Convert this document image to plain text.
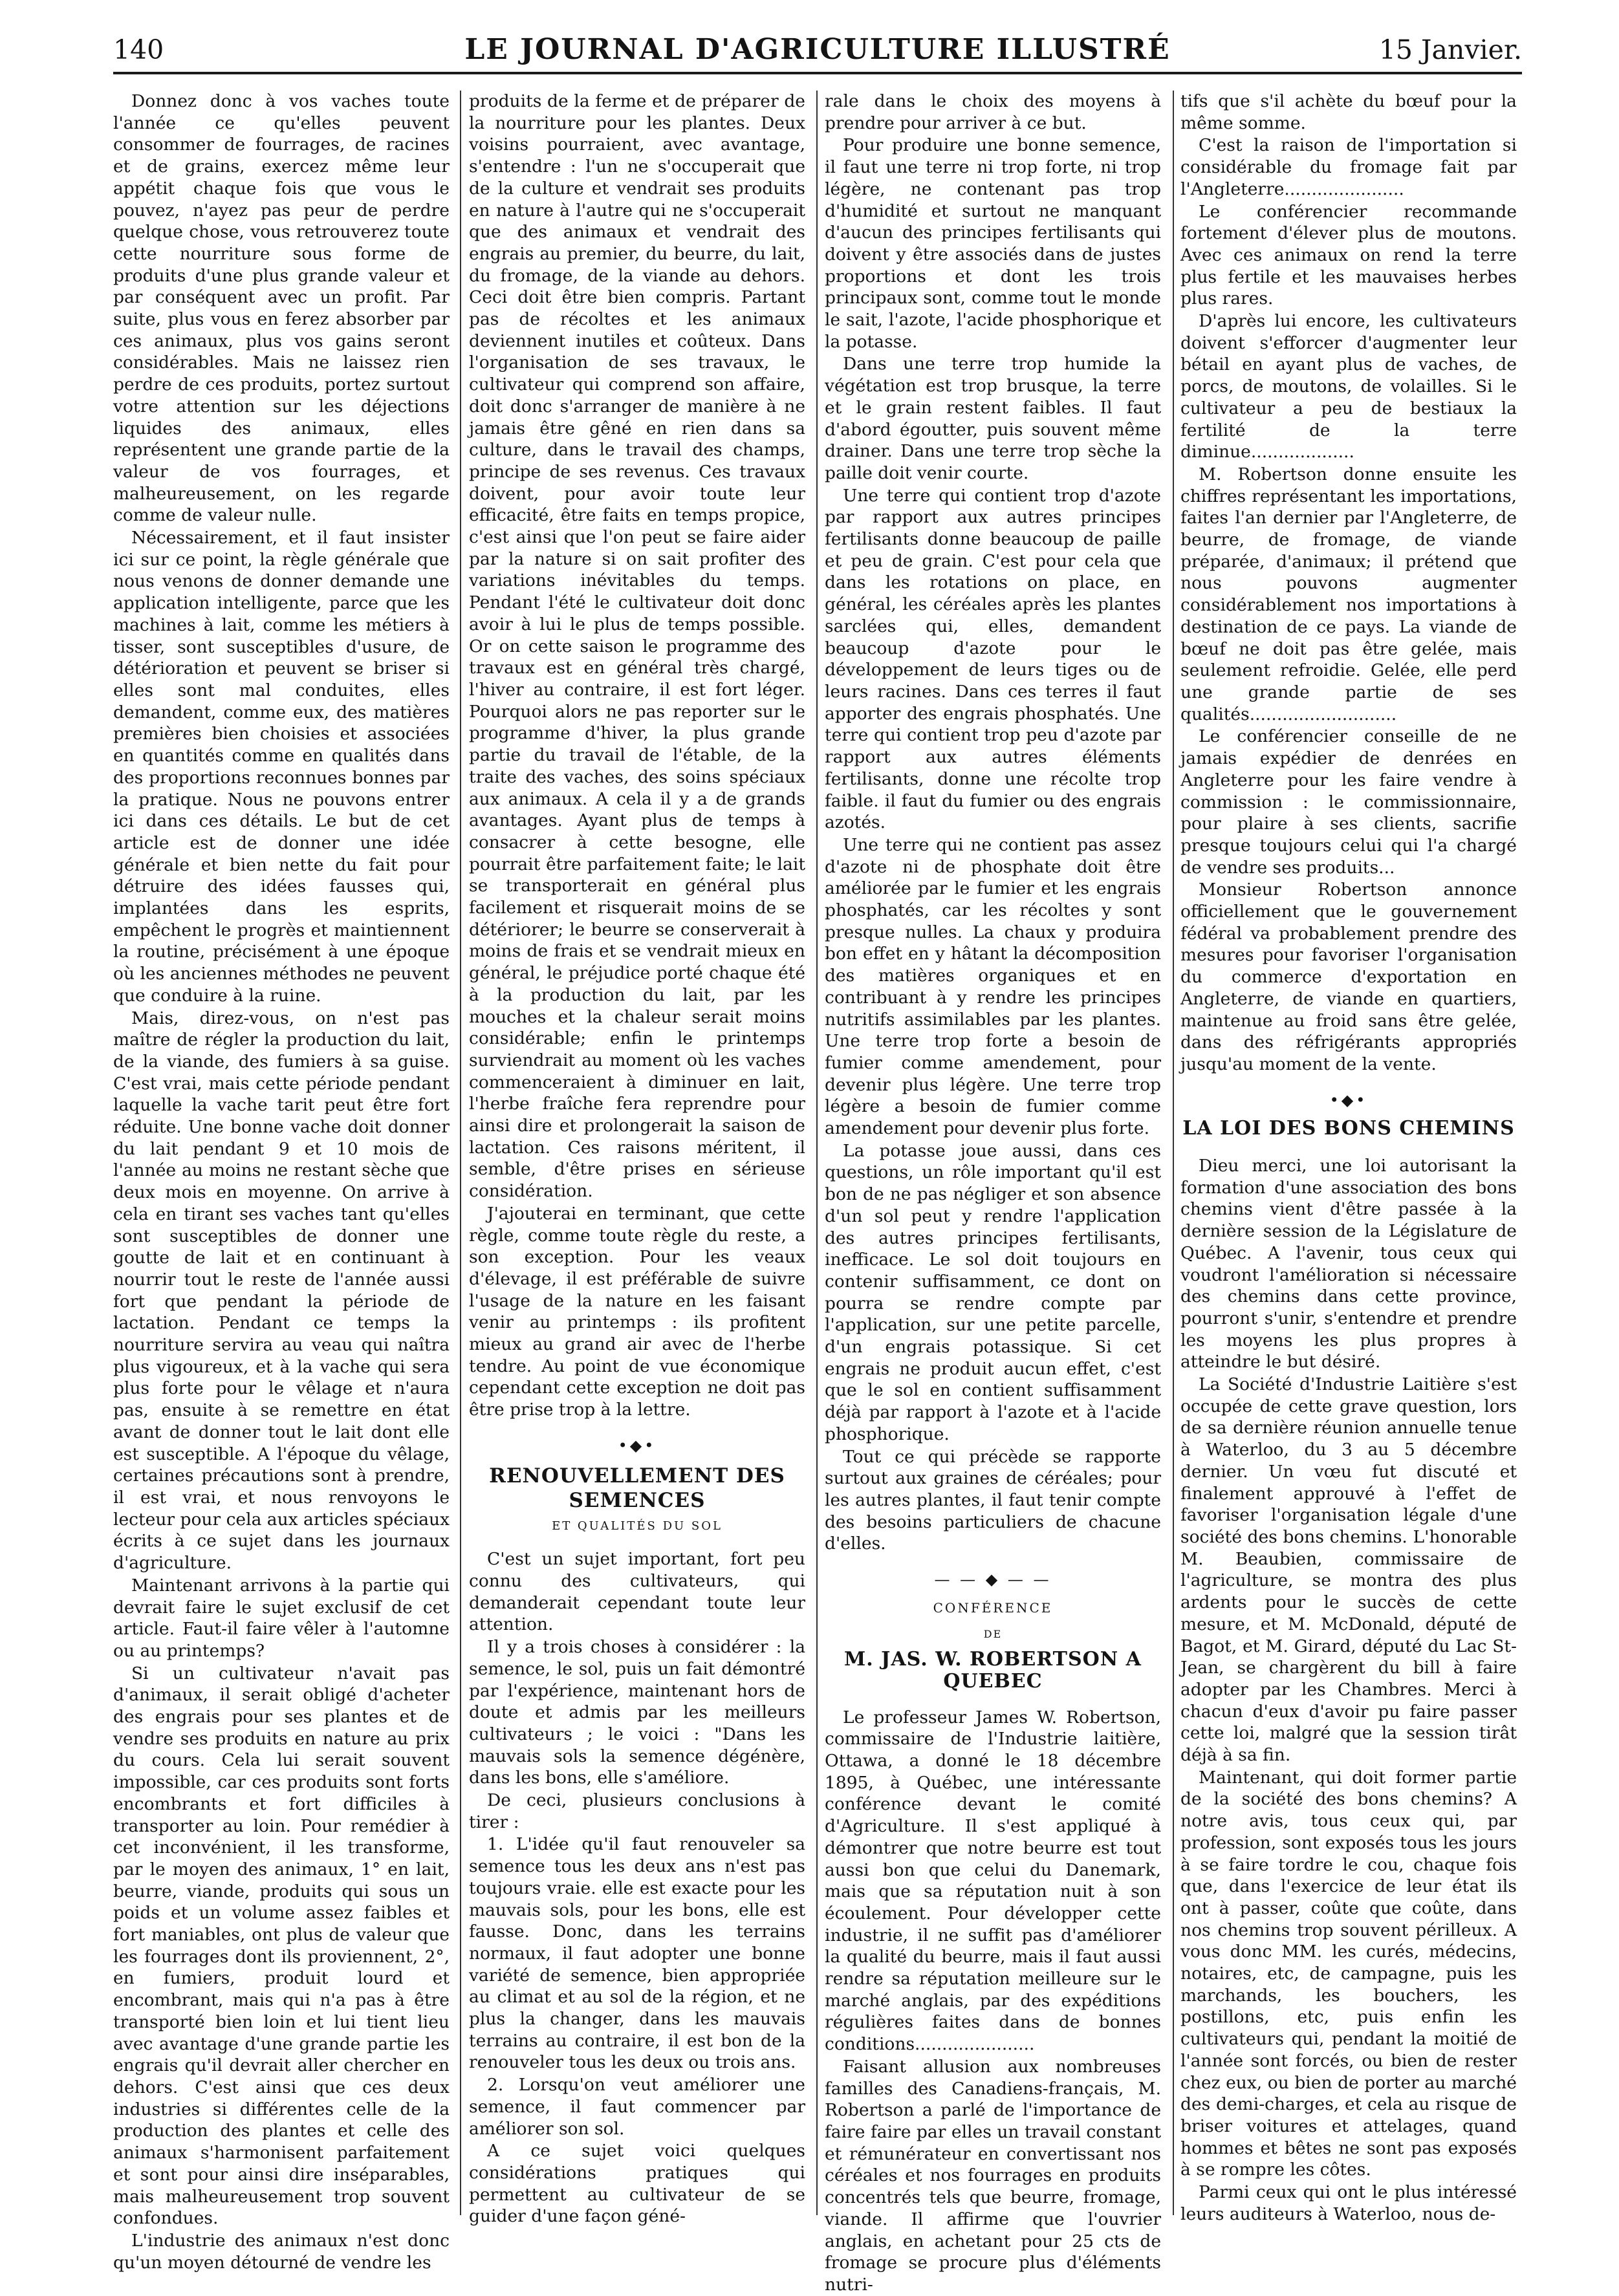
140	LE JOURNAL D'AGRICULTURE ILLUSTRÉ	15 Janvier.

Donnez donc à vos vaches toute l'année ce qu'elles peuvent consommer de fourrages, de racines et de grains, exercez même leur appétit chaque fois que vous le pouvez, n'ayez pas peur de perdre quelque chose, vous retrouverez toute cette nourriture sous forme de produits d'une plus grande valeur et par conséquent avec un profit. Par suite, plus vous en ferez absorber par ces animaux, plus vos gains seront considérables. Mais ne laissez rien perdre de ces produits, portez surtout votre attention sur les déjections liquides des animaux, elles représentent une grande partie de la valeur de vos fourrages, et malheureusement, on les regarde comme de valeur nulle.

Nécessairement, et il faut insister ici sur ce point, la règle générale que nous venons de donner demande une application intelligente, parce que les machines à lait, comme les métiers à tisser, sont susceptibles d'usure, de détérioration et peuvent se briser si elles sont mal conduites, elles demandent, comme eux, des matières premières bien choisies et associées en quantités comme en qualités dans des proportions reconnues bonnes par la pratique. Nous ne pouvons entrer ici dans ces détails. Le but de cet article est de donner une idée générale et bien nette du fait pour détruire des idées fausses qui, implantées dans les esprits, empêchent le progrès et maintiennent la routine, précisément à une époque où les anciennes méthodes ne peuvent que conduire à la ruine.

Mais, direz-vous, on n'est pas maître de régler la production du lait, de la viande, des fumiers à sa guise. C'est vrai, mais cette période pendant laquelle la vache tarit peut être fort réduite. Une bonne vache doit donner du lait pendant 9 et 10 mois de l'année au moins ne restant sèche que deux mois en moyenne. On arrive à cela en tirant ses vaches tant qu'elles sont susceptibles de donner une goutte de lait et en continuant à nourrir tout le reste de l'année aussi fort que pendant la période de lactation. Pendant ce temps la nourriture servira au veau qui naîtra plus vigoureux, et à la vache qui sera plus forte pour le vêlage et n'aura pas, ensuite à se remettre en état avant de donner tout le lait dont elle est susceptible. A l'époque du vêlage, certaines précautions sont à prendre, il est vrai, et nous renvoyons le lecteur pour cela aux articles spéciaux écrits à ce sujet dans les journaux d'agriculture.

Maintenant arrivons à la partie qui devrait faire le sujet exclusif de cet article. Faut-il faire vêler à l'automne ou au printemps?

Si un cultivateur n'avait pas d'animaux, il serait obligé d'acheter des engrais pour ses plantes et de vendre ses produits en nature au prix du cours. Cela lui serait souvent impossible, car ces produits sont forts encombrants et fort difficiles à transporter au loin. Pour remédier à cet inconvénient, il les transforme, par le moyen des animaux, 1° en lait, beurre, viande, produits qui sous un poids et un volume assez faibles et fort maniables, ont plus de valeur que les fourrages dont ils proviennent, 2°, en fumiers, produit lourd et encombrant, mais qui n'a pas à être transporté bien loin et lui tient lieu avec avantage d'une grande partie les engrais qu'il devrait aller chercher en dehors. C'est ainsi que ces deux industries si différentes celle de la production des plantes et celle des animaux s'harmonisent parfaitement et sont pour ainsi dire inséparables, mais malheureusement trop souvent confondues.

L'industrie des animaux n'est donc qu'un moyen détourné de vendre les

produits de la ferme et de préparer de la nourriture pour les plantes. Deux voisins pourraient, avec avantage, s'entendre : l'un ne s'occuperait que de la culture et vendrait ses produits en nature à l'autre qui ne s'occuperait que des animaux et vendrait des engrais au premier, du beurre, du lait, du fromage, de la viande au dehors. Ceci doit être bien compris. Partant pas de récoltes et les animaux deviennent inutiles et coûteux. Dans l'organisation de ses travaux, le cultivateur qui comprend son affaire, doit donc s'arranger de manière à ne jamais être gêné en rien dans sa culture, dans le travail des champs, principe de ses revenus. Ces travaux doivent, pour avoir toute leur efficacité, être faits en temps propice, c'est ainsi que l'on peut se faire aider par la nature si on sait profiter des variations inévitables du temps. Pendant l'été le cultivateur doit donc avoir à lui le plus de temps possible. Or on cette saison le programme des travaux est en général très chargé, l'hiver au contraire, il est fort léger. Pourquoi alors ne pas reporter sur le programme d'hiver, la plus grande partie du travail de l'étable, de la traite des vaches, des soins spéciaux aux animaux. A cela il y a de grands avantages. Ayant plus de temps à consacrer à cette besogne, elle pourrait être parfaitement faite; le lait se transporterait en général plus facilement et risquerait moins de se détériorer; le beurre se conserverait à moins de frais et se vendrait mieux en général, le préjudice porté chaque été à la production du lait, par les mouches et la chaleur serait moins considérable; enfin le printemps surviendrait au moment où les vaches commenceraient à diminuer en lait, l'herbe fraîche fera reprendre pour ainsi dire et prolongerait la saison de lactation. Ces raisons méritent, il semble, d'être prises en sérieuse considération.

J'ajouterai en terminant, que cette règle, comme toute règle du reste, a son exception. Pour les veaux d'élevage, il est préférable de suivre l'usage de la nature en les faisant venir au printemps : ils profitent mieux au grand air avec de l'herbe tendre. Au point de vue économique cependant cette exception ne doit pas être prise trop à la lettre.

•◆•
RENOUVELLEMENT DES SEMENCES
ET QUALITÉS DU SOL

C'est un sujet important, fort peu connu des cultivateurs, qui demanderait cependant toute leur attention.

Il y a trois choses à considérer : la semence, le sol, puis un fait démontré par l'expérience, maintenant hors de doute et admis par les meilleurs cultivateurs ; le voici : "Dans les mauvais sols la semence dégénère, dans les bons, elle s'améliore.

De ceci, plusieurs conclusions à tirer :

1. L'idée qu'il faut renouveler sa semence tous les deux ans n'est pas toujours vraie. elle est exacte pour les mauvais sols, pour les bons, elle est fausse. Donc, dans les terrains normaux, il faut adopter une bonne variété de semence, bien appropriée au climat et au sol de la région, et ne plus la changer, dans les mauvais terrains au contraire, il est bon de la renouveler tous les deux ou trois ans.

2. Lorsqu'on veut améliorer une semence, il faut commencer par améliorer son sol.

A ce sujet voici quelques considérations pratiques qui permettent au cultivateur de se guider d'une façon géné-

rale dans le choix des moyens à prendre pour arriver à ce but.

Pour produire une bonne semence, il faut une terre ni trop forte, ni trop légère, ne contenant pas trop d'humidité et surtout ne manquant d'aucun des principes fertilisants qui doivent y être associés dans de justes proportions et dont les trois principaux sont, comme tout le monde le sait, l'azote, l'acide phosphorique et la potasse.

Dans une terre trop humide la végétation est trop brusque, la terre et le grain restent faibles. Il faut d'abord égoutter, puis souvent même drainer. Dans une terre trop sèche la paille doit venir courte.

Une terre qui contient trop d'azote par rapport aux autres principes fertilisants donne beaucoup de paille et peu de grain. C'est pour cela que dans les rotations on place, en général, les céréales après les plantes sarclées qui, elles, demandent beaucoup d'azote pour le développement de leurs tiges ou de leurs racines. Dans ces terres il faut apporter des engrais phosphatés. Une terre qui contient trop peu d'azote par rapport aux autres éléments fertilisants, donne une récolte trop faible. il faut du fumier ou des engrais azotés.

Une terre qui ne contient pas assez d'azote ni de phosphate doit être améliorée par le fumier et les engrais phosphatés, car les récoltes y sont presque nulles. La chaux y produira bon effet en y hâtant la décomposition des matières organiques et en contribuant à y rendre les principes nutritifs assimilables par les plantes. Une terre trop forte a besoin de fumier comme amendement, pour devenir plus légère. Une terre trop légère a besoin de fumier comme amendement pour devenir plus forte.

La potasse joue aussi, dans ces questions, un rôle important qu'il est bon de ne pas négliger et son absence d'un sol peut y rendre l'application des autres principes fertilisants, inefficace. Le sol doit toujours en contenir suffisamment, ce dont on pourra se rendre compte par l'application, sur une petite parcelle, d'un engrais potassique. Si cet engrais ne produit aucun effet, c'est que le sol en contient suffisamment déjà par rapport à l'azote et à l'acide phosphorique.

Tout ce qui précède se rapporte surtout aux graines de céréales; pour les autres plantes, il faut tenir compte des besoins particuliers de chacune d'elles.

— — ◆ — —
CONFÉRENCE
DE
M. JAS. W. ROBERTSON A QUEBEC

Le professeur James W. Robertson, commissaire de l'Industrie laitière, Ottawa, a donné le 18 décembre 1895, à Québec, une intéressante conférence devant le comité d'Agriculture. Il s'est appliqué à démontrer que notre beurre est tout aussi bon que celui du Danemark, mais que sa réputation nuit à son écoulement. Pour développer cette industrie, il ne suffit pas d'améliorer la qualité du beurre, mais il faut aussi rendre sa réputation meilleure sur le marché anglais, par des expéditions régulières faites dans de bonnes conditions......................

Faisant allusion aux nombreuses familles des Canadiens-français, M. Robertson a parlé de l'importance de faire faire par elles un travail constant et rémunérateur en convertissant nos céréales et nos fourrages en produits concentrés tels que beurre, fromage, viande. Il affirme que l'ouvrier anglais, en achetant pour 25 cts de fromage se procure plus d'éléments nutri-

tifs que s'il achète du bœuf pour la même somme.

C'est la raison de l'importation si considérable du fromage fait par l'Angleterre......................

Le conférencier recommande fortement d'élever plus de moutons. Avec ces animaux on rend la terre plus fertile et les mauvaises herbes plus rares.

D'après lui encore, les cultivateurs doivent s'efforcer d'augmenter leur bétail en ayant plus de vaches, de porcs, de moutons, de volailles. Si le cultivateur a peu de bestiaux la fertilité de la terre diminue...................

M. Robertson donne ensuite les chiffres représentant les importations, faites l'an dernier par l'Angleterre, de beurre, de fromage, de viande préparée, d'animaux; il prétend que nous pouvons augmenter considérablement nos importations à destination de ce pays. La viande de bœuf ne doit pas être gelée, mais seulement refroidie. Gelée, elle perd une grande partie de ses qualités...........................

Le conférencier conseille de ne jamais expédier de denrées en Angleterre pour les faire vendre à commission : le commissionnaire, pour plaire à ses clients, sacrifie presque toujours celui qui l'a chargé de vendre ses produits...

Monsieur Robertson annonce officiellement que le gouvernement fédéral va probablement prendre des mesures pour favoriser l'organisation du commerce d'exportation en Angleterre, de viande en quartiers, maintenue au froid sans être gelée, dans des réfrigérants appropriés jusqu'au moment de la vente.

•◆•
LA LOI DES BONS CHEMINS

Dieu merci, une loi autorisant la formation d'une association des bons chemins vient d'être passée à la dernière session de la Législature de Québec. A l'avenir, tous ceux qui voudront l'amélioration si nécessaire des chemins dans cette province, pourront s'unir, s'entendre et prendre les moyens les plus propres à atteindre le but désiré.

La Société d'Industrie Laitière s'est occupée de cette grave question, lors de sa dernière réunion annuelle tenue à Waterloo, du 3 au 5 décembre dernier. Un vœu fut discuté et finalement approuvé à l'effet de favoriser l'organisation légale d'une société des bons chemins. L'honorable M. Beaubien, commissaire de l'agriculture, se montra des plus ardents pour le succès de cette mesure, et M. McDonald, député de Bagot, et M. Girard, député du Lac St-Jean, se chargèrent du bill à faire adopter par les Chambres. Merci à chacun d'eux d'avoir pu faire passer cette loi, malgré que la session tirât déjà à sa fin.

Maintenant, qui doit former partie de la société des bons chemins? A notre avis, tous ceux qui, par profession, sont exposés tous les jours à se faire tordre le cou, chaque fois que, dans l'exercice de leur état ils ont à passer, coûte que coûte, dans nos chemins trop souvent périlleux. A vous donc MM. les curés, médecins, notaires, etc, de campagne, puis les marchands, les bouchers, les postillons, etc, puis enfin les cultivateurs qui, pendant la moitié de l'année sont forcés, ou bien de rester chez eux, ou bien de porter au marché des demi-charges, et cela au risque de briser voitures et attelages, quand hommes et bêtes ne sont pas exposés à se rompre les côtes.

Parmi ceux qui ont le plus intéressé leurs auditeurs à Waterloo, nous de-
